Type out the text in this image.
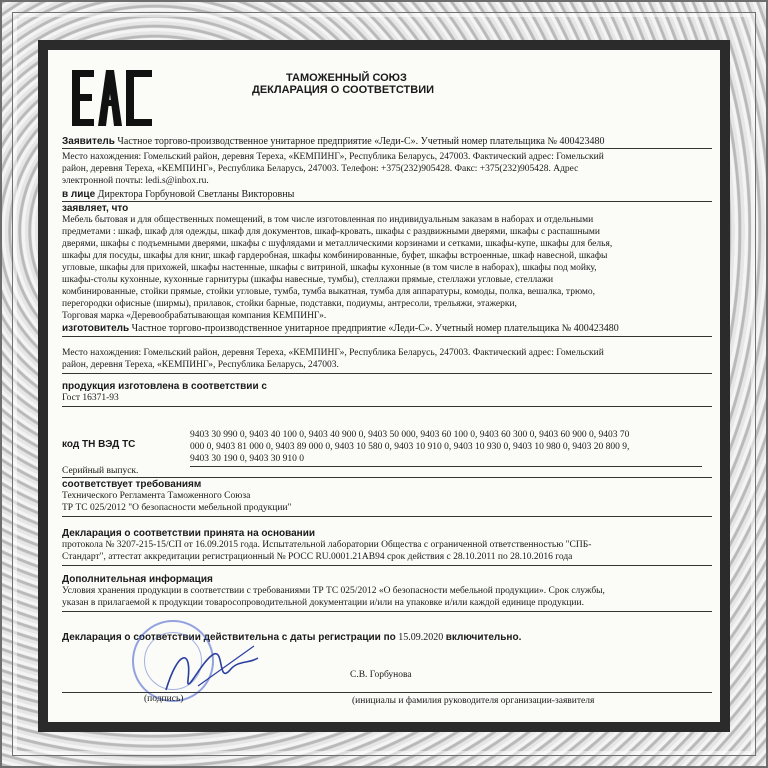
ТАМОЖЕННЫЙ СОЮЗ
ДЕКЛАРАЦИЯ О СООТВЕТСТВИИ
Заявитель Частное торгово-производственное унитарное предприятие «Леди-С». Учетный номер плательщика № 400423480
Место нахождения: Гомельский район, деревня Тереха, «КЕМПИНГ», Республика Беларусь, 247003. Фактический адрес: Гомельский
район, деревня Тереха, «КЕМПИНГ», Республика Беларусь, 247003. Телефон: +375(232)905428. Факс: +375(232)905428. Адрес
электронной почты: ledi.s@inbox.ru.
в лице Директора Горбуновой Светланы Викторовны
заявляет, что
Мебель бытовая и для общественных помещений, в том числе изготовленная по индивидуальным заказам в наборах и отдельными
предметами : шкаф, шкаф для одежды, шкаф для документов, шкаф-кровать, шкафы с раздвижными дверями, шкафы с распашными
дверями, шкафы с подъемными дверями, шкафы с шуфлядами и металлическими корзинами и сетками, шкафы-купе, шкафы для белья,
шкафы для посуды, шкафы для книг, шкаф гардеробная, шкафы комбинированные, буфет, шкафы встроенные, шкаф навесной, шкафы
угловые, шкафы для прихожей, шкафы настенные, шкафы с витриной, шкафы кухонные (в том числе в наборах), шкафы под мойку,
шкафы-столы кухонные, кухонные гарнитуры (шкафы навесные, тумбы), стеллажи прямые, стеллажи угловые, стеллажи
комбинированные, стойки прямые, стойки угловые, тумба, тумба выкатная, тумба для аппаратуры, комоды, полка, вешалка, трюмо,
перегородки офисные (ширмы), прилавок, стойки барные, подставки, подиумы, антресоли, трельяжи, этажерки,
Торговая марка «Деревообрабатывающая компания КЕМПИНГ».
изготовитель Частное торгово-производственное унитарное предприятие «Леди-С». Учетный номер плательщика № 400423480
Место нахождения: Гомельский район, деревня Тереха, «КЕМПИНГ», Республика Беларусь, 247003. Фактический адрес: Гомельский
район, деревня Тереха, «КЕМПИНГ», Республика Беларусь, 247003.
продукция изготовлена в соответствии с
Гост 16371-93
код ТН ВЭД ТС
9403 30 990 0, 9403 40 100 0, 9403 40 900 0, 9403 50 000, 9403 60 100 0, 9403 60 300 0, 9403 60 900 0, 9403 70
000 0, 9403 81 000 0, 9403 89 000 0, 9403 10 580 0, 9403 10 910 0, 9403 10 930 0, 9403 10 980 0, 9403 20 800 9,
9403 30 190 0, 9403 30 910 0
Серийный выпуск.
соответствует требованиям
Технического Регламента Таможенного Союза
ТР ТС 025/2012 "О безопасности мебельной продукции"
Декларация о соответствии принята на основании
протокола № 3207-215-15/СП от 16.09.2015 года. Испытательной лаборатории Общества с ограниченной ответственностью "СПБ-
Стандарт", аттестат аккредитации регистрационный № РОСС RU.0001.21АВ94 срок действия с 28.10.2011 по 28.10.2016 года
Дополнительная информация
Условия хранения продукции в соответствии с требованиями ТР ТС 025/2012 «О безопасности мебельной продукции». Срок службы,
указан в прилагаемой к продукции товаросопроводительной документации и/или на упаковке и/или каждой единице продукции.
Декларация о соответствии действительна с даты регистрации по 15.09.2020 включительно.
С.В. Горбунова
(подпись)	(инициалы и фамилия руководителя организации-заявителя
